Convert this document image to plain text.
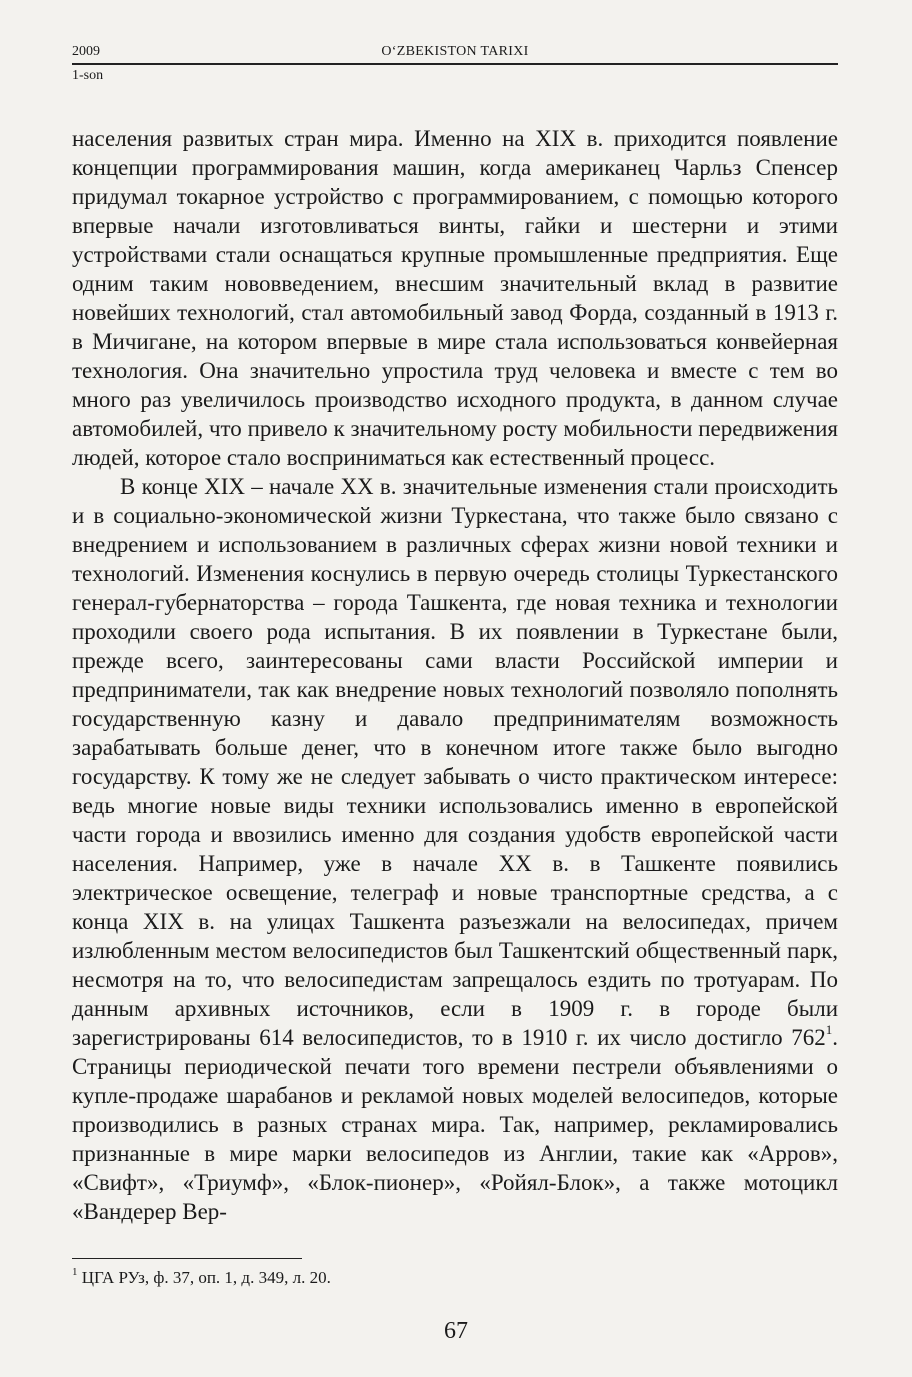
2009	O‘ZBEKISTON TARIXI
1-son

населения развитых стран мира. Именно на XIX в. приходится появление концепции программирования машин, когда американец Чарльз Спенсер придумал токарное устройство с программированием, с помощью которого впервые начали изготовливаться винты, гайки и шестерни и этими устройствами стали оснащаться крупные промышленные предприятия. Еще одним таким нововведением, внесшим значительный вклад в развитие новейших технологий, стал автомобильный завод Форда, созданный в 1913 г. в Мичигане, на котором впервые в мире стала использоваться конвейерная технология. Она значительно упростила труд человека и вместе с тем во много раз увеличилось производство исходного продукта, в данном случае автомобилей, что привело к значительному росту мобильности передвижения людей, которое стало восприниматься как естественный процесс.

В конце XIX – начале XX в. значительные изменения стали происходить и в социально-экономической жизни Туркестана, что также было связано с внедрением и использованием в различных сферах жизни новой техники и технологий. Изменения коснулись в первую очередь столицы Туркестанского генерал-губернаторства – города Ташкента, где новая техника и технологии проходили своего рода испытания. В их появлении в Туркестане были, прежде всего, заинтересованы сами власти Российской империи и предприниматели, так как внедрение новых технологий позволяло пополнять государственную казну и давало предпринимателям возможность зарабатывать больше денег, что в конечном итоге также было выгодно государству. К тому же не следует забывать о чисто практическом интересе: ведь многие новые виды техники использовались именно в европейской части города и ввозились именно для создания удобств европейской части населения. Например, уже в начале XX в. в Ташкенте появились электрическое освещение, телеграф и новые транспортные средства, а с конца XIX в. на улицах Ташкента разъезжали на велосипедах, причем излюбленным местом велосипедистов был Ташкентский общественный парк, несмотря на то, что велосипедистам запрещалось ездить по тротуарам. По данным архивных источников, если в 1909 г. в городе были зарегистрированы 614 велосипедистов, то в 1910 г. их число достигло $762^1$. Страницы периодической печати того времени пестрели объявлениями о купле-продаже шарабанов и рекламой новых моделей велосипедов, которые производились в разных странах мира. Так, например, рекламировались признанные в мире марки велосипедов из Англии, такие как «Арров», «Свифт», «Триумф», «Блок-пионер», «Ройял-Блок», а также мотоцикл «Вандерер Вер-

$^1$ ЦГА РУз, ф. 37, оп. 1, д. 349, л. 20.
67
